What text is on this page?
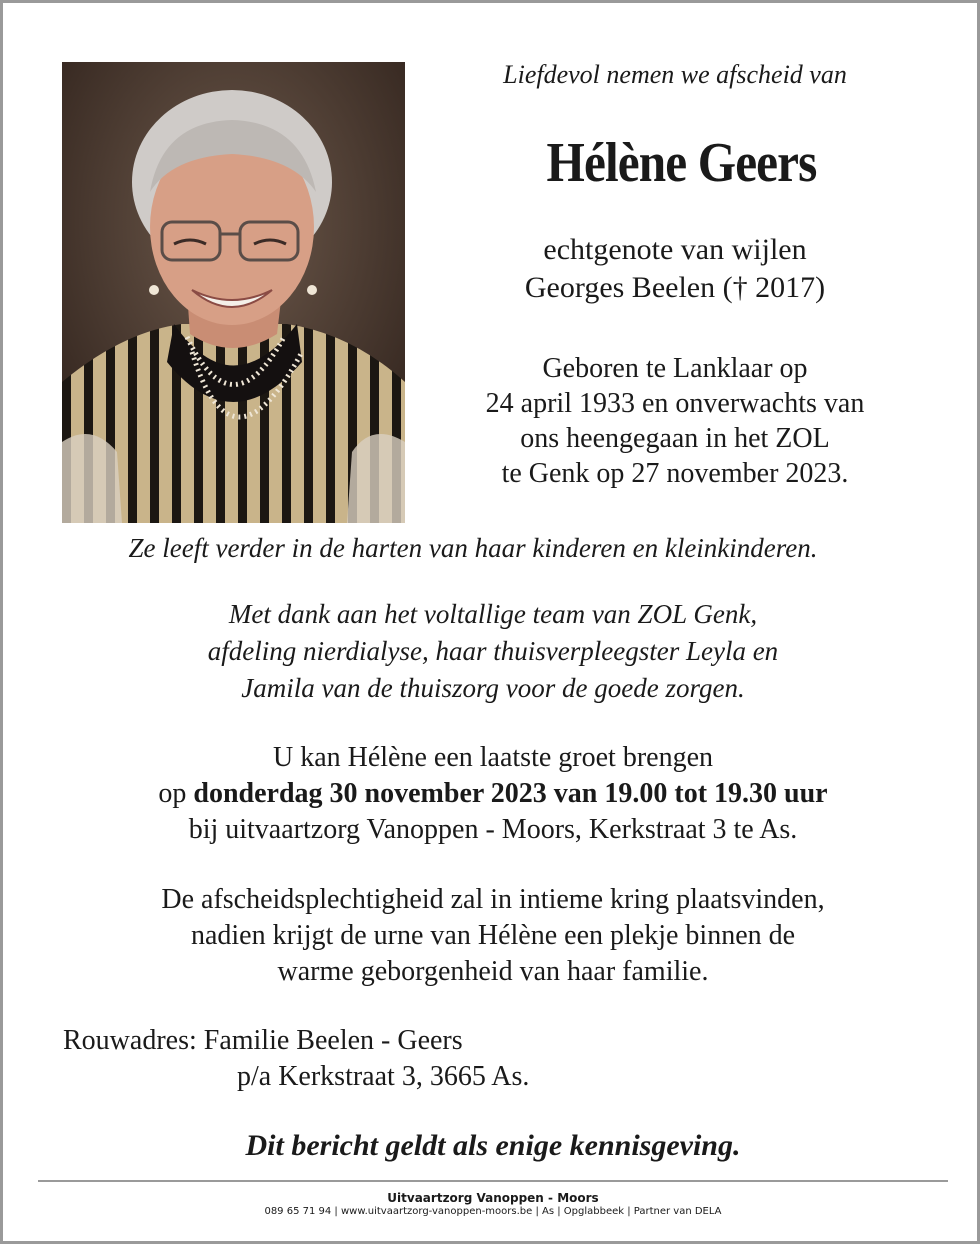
Liefdevol nemen we afscheid van
Hélène Geers
echtgenote van wijlen
Georges Beelen († 2017)
Geboren te Lanklaar op
24 april 1933 en onverwachts van
ons heengegaan in het ZOL
te Genk op 27 november 2023.
Ze leeft verder in de harten van haar kinderen en kleinkinderen.
Met dank aan het voltallige team van ZOL Genk,
afdeling nierdialyse, haar thuisverpleegster Leyla en
Jamila van de thuiszorg voor de goede zorgen.
U kan Hélène een laatste groet brengen
op donderdag 30 november 2023 van 19.00 tot 19.30 uur
bij uitvaartzorg Vanoppen - Moors, Kerkstraat 3 te As.
De afscheidsplechtigheid zal in intieme kring plaatsvinden,
nadien krijgt de urne van Hélène een plekje binnen de
warme geborgenheid van haar familie.
Rouwadres: Familie Beelen - Geers
p/a Kerkstraat 3, 3665 As.
Dit bericht geldt als enige kennisgeving.
Uitvaartzorg Vanoppen - Moors
089 65 71 94 | www.uitvaartzorg-vanoppen-moors.be | As | Opglabbeek | Partner van DELA
